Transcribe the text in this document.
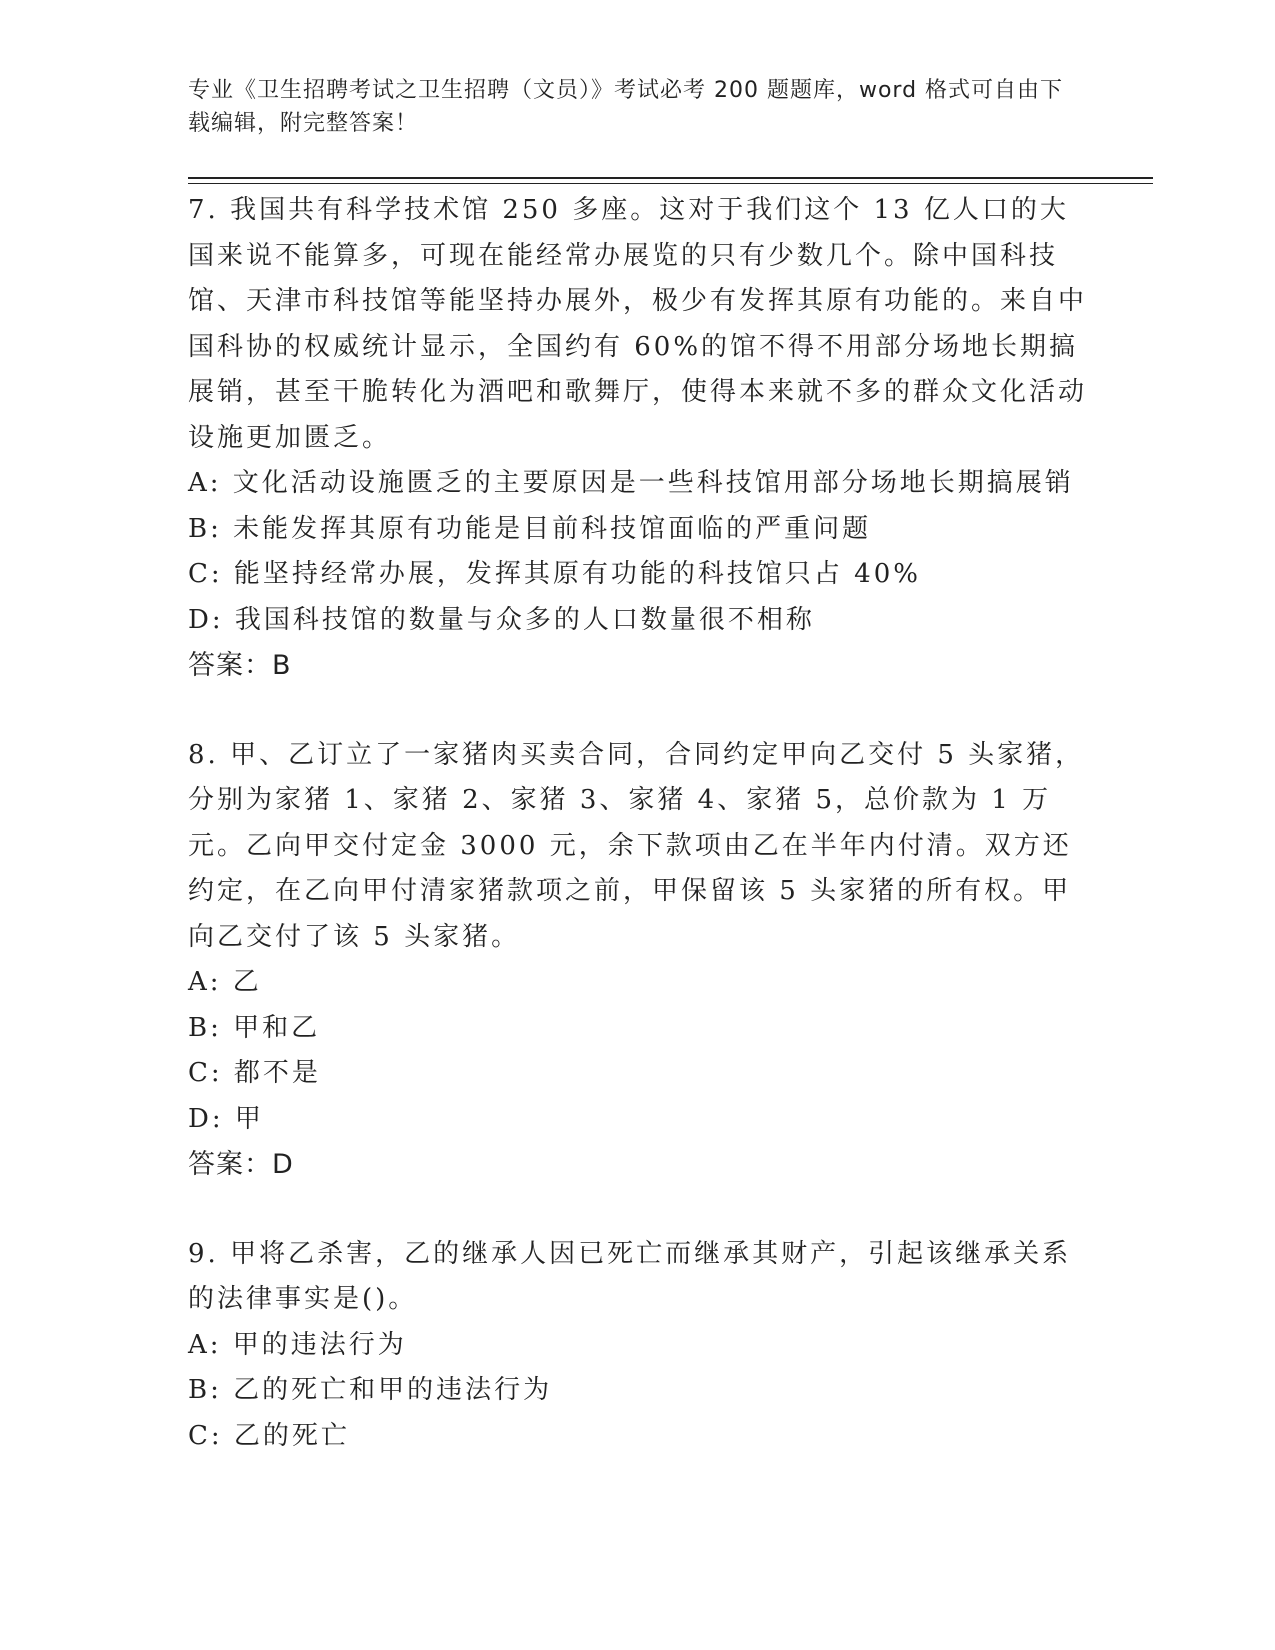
专业《卫生招聘考试之卫生招聘（文员）》考试必考 200 题题库，word 格式可自由下载编辑，附完整答案！

7. 我国共有科学技术馆 250 多座。这对于我们这个 13 亿人口的大国来说不能算多，可现在能经常办展览的只有少数几个。除中国科技馆、天津市科技馆等能坚持办展外，极少有发挥其原有功能的。来自中国科协的权威统计显示，全国约有 60%的馆不得不用部分场地长期搞展销，甚至干脆转化为酒吧和歌舞厅，使得本来就不多的群众文化活动设施更加匮乏。

A: 文化活动设施匮乏的主要原因是一些科技馆用部分场地长期搞展销
B: 未能发挥其原有功能是目前科技馆面临的严重问题
C: 能坚持经常办展，发挥其原有功能的科技馆只占 40%
D: 我国科技馆的数量与众多的人口数量很不相称

答案：B

8. 甲、乙订立了一家猪肉买卖合同，合同约定甲向乙交付 5 头家猪，分别为家猪 1、家猪 2、家猪 3、家猪 4、家猪 5，总价款为 1 万元。乙向甲交付定金 3000 元，余下款项由乙在半年内付清。双方还约定，在乙向甲付清家猪款项之前，甲保留该 5 头家猪的所有权。甲向乙交付了该 5 头家猪。

A: 乙
B: 甲和乙
C: 都不是
D: 甲

答案：D

9. 甲将乙杀害，乙的继承人因已死亡而继承其财产，引起该继承关系的法律事实是()。

A: 甲的违法行为
B: 乙的死亡和甲的违法行为
C: 乙的死亡
